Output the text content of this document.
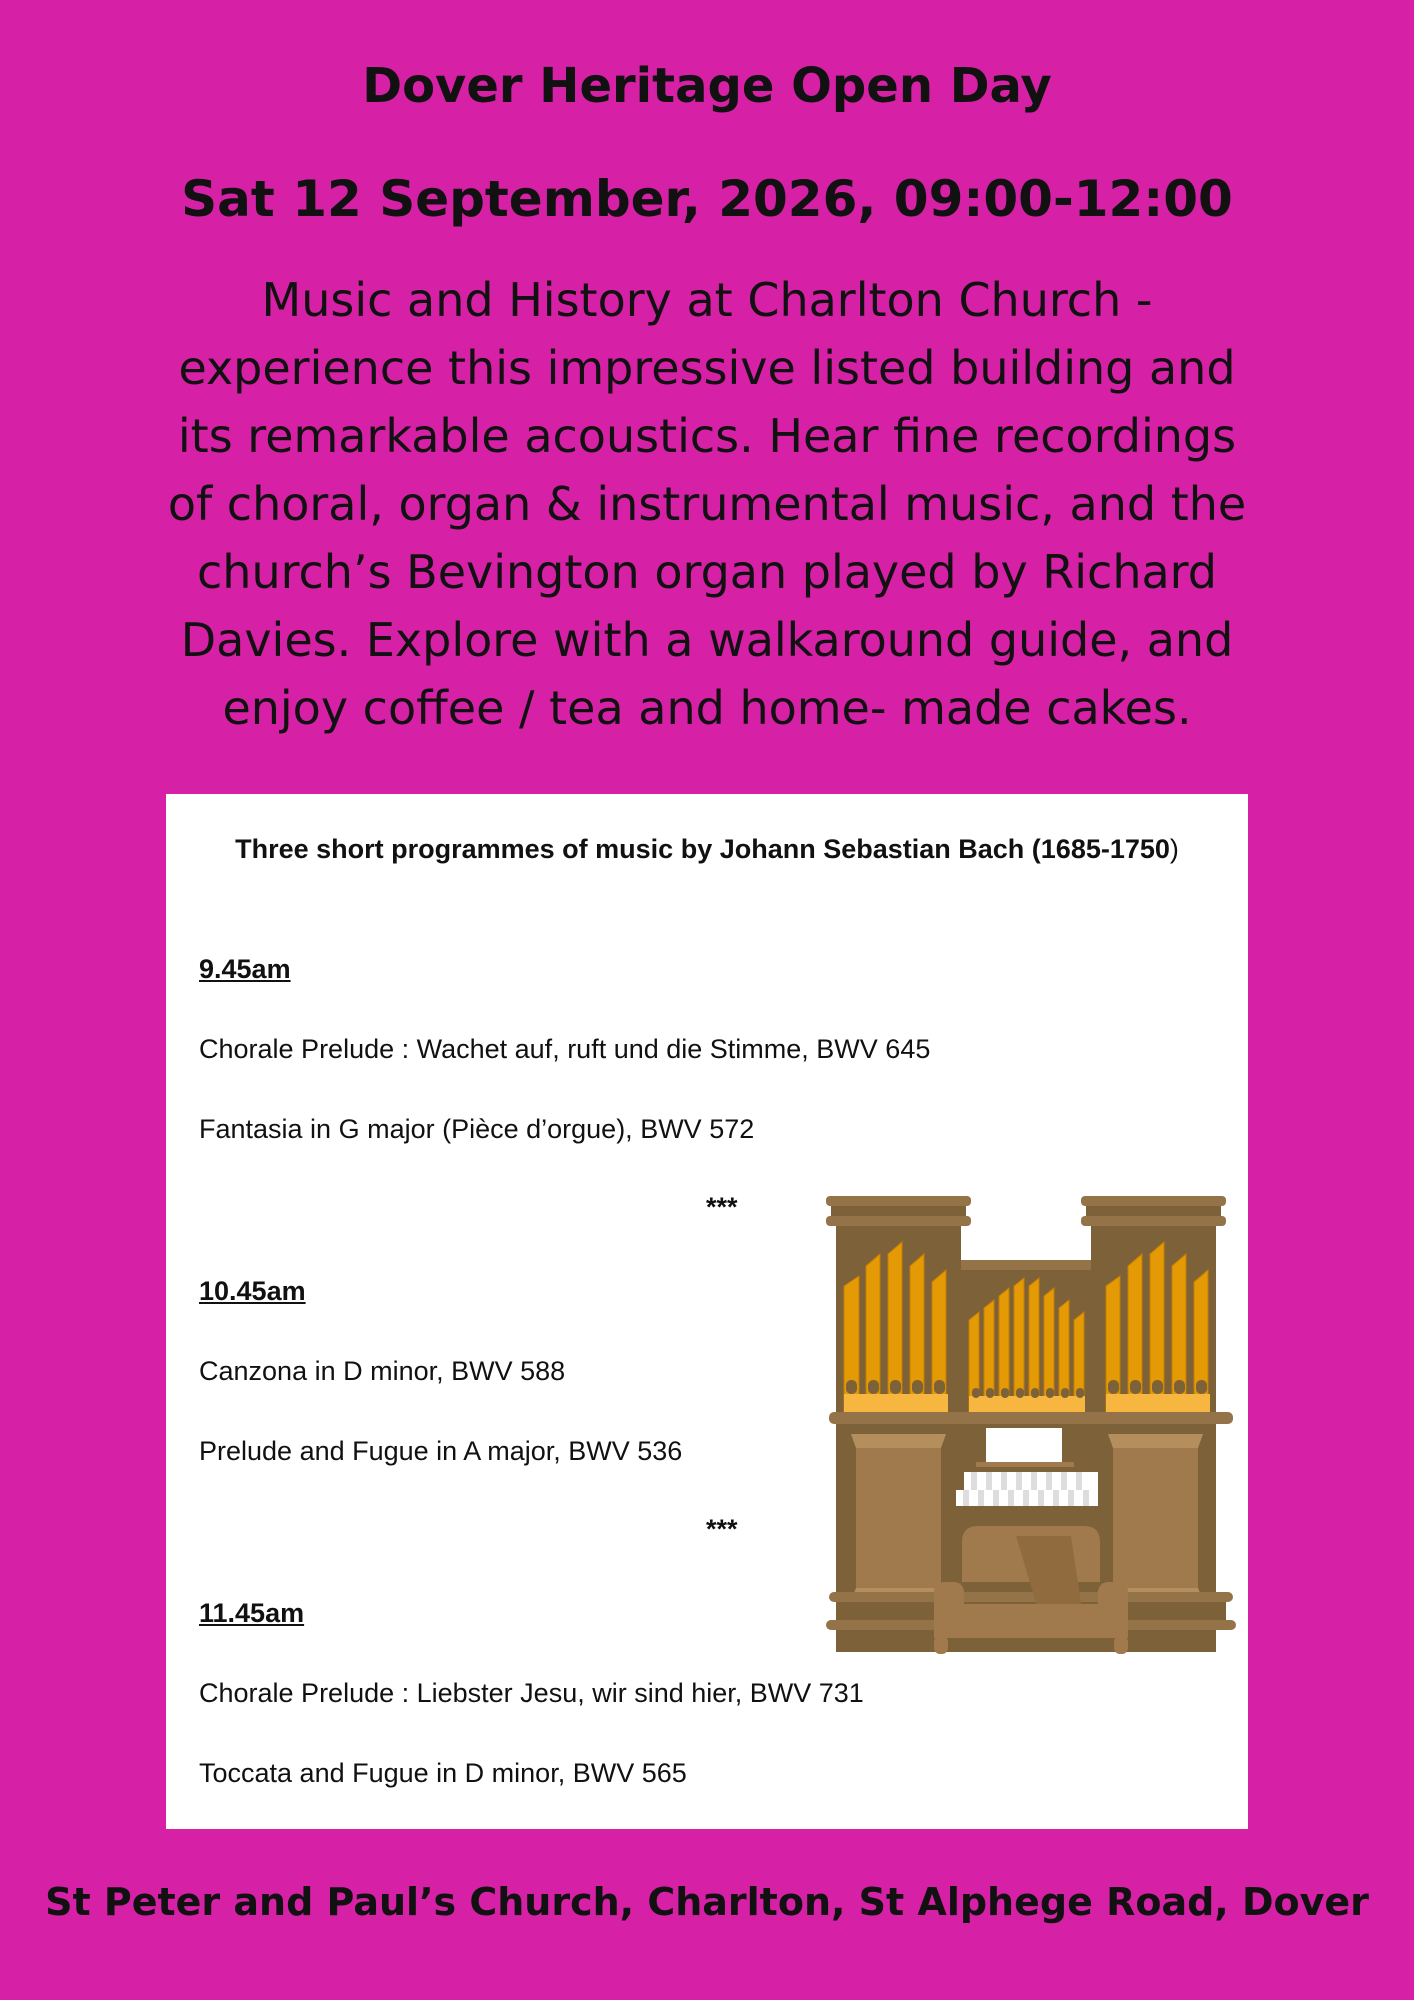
Dover Heritage Open Day
Sat 12 September, 2026, 09:00-12:00

Music and History at Charlton Church - experience this impressive listed building and its remarkable acoustics. Hear fine recordings of choral, organ & instrumental music, and the church’s Bevington organ played by Richard Davies. Explore with a walkaround guide, and enjoy coffee / tea and home- made cakes.

Three short programmes of music by Johann Sebastian Bach (1685-1750)

9.45am

Chorale Prelude : Wachet auf, ruft und die Stimme, BWV 645

Fantasia in G major (Pièce d’orgue), BWV 572

***

10.45am

Canzona in D minor, BWV 588

Prelude and Fugue in A major, BWV 536

***

11.45am

Chorale Prelude : Liebster Jesu, wir sind hier, BWV 731

Toccata and Fugue in D minor, BWV 565

St Peter and Paul’s Church, Charlton, St Alphege Road, Dover
